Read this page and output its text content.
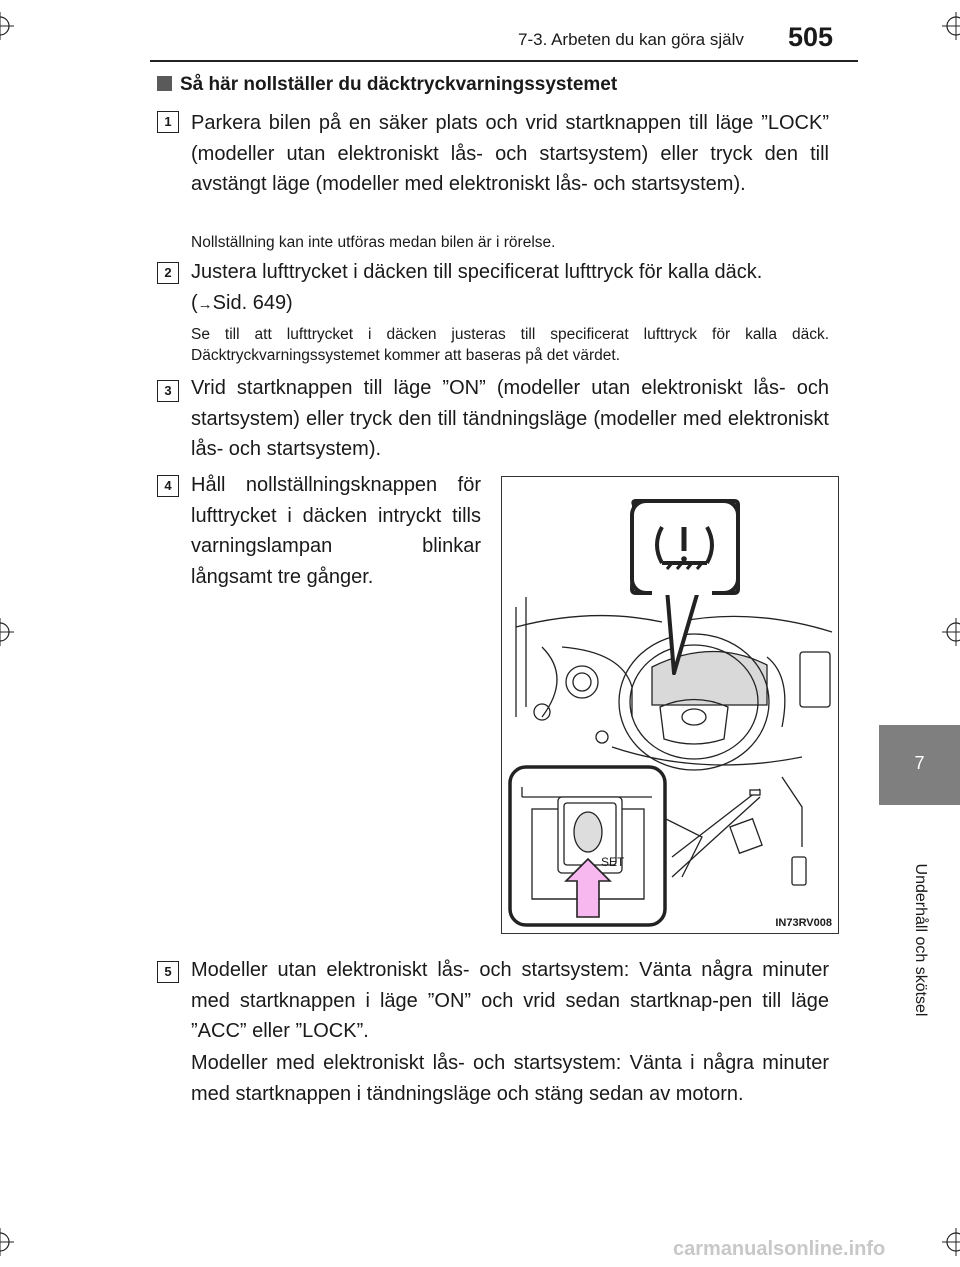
7-3. Arbeten du kan göra själv 505
7
Underhåll och skötsel
Så här nollställer du däcktryckvarningssystemet
1 Parkera bilen på en säker plats och vrid startknappen till läge ”LOCK” (modeller utan elektroniskt lås- och startsystem) eller tryck den till avstängt läge (modeller med elektroniskt lås- och startsystem).

Nollställning kan inte utföras medan bilen är i rörelse.

2 Justera lufttrycket i däcken till specificerat lufttryck för kalla däck.
(→Sid. 649)

Se till att lufttrycket i däcken justeras till specificerat lufttryck för kalla däck. Däcktryckvarningssystemet kommer att baseras på det värdet.

3 Vrid startknappen till läge ”ON” (modeller utan elektroniskt lås- och startsystem) eller tryck den till tändningsläge (modeller med elektroniskt lås- och startsystem).

4 Håll nollställningsknappen för lufttrycket i däcken intryckt tills varningslampan blinkar långsamt tre gånger.

SET
IN73RV008
5 Modeller utan elektroniskt lås- och startsystem: Vänta några minuter med startknappen i läge ”ON” och vrid sedan startknap-pen till läge ”ACC” eller ”LOCK”.

Modeller med elektroniskt lås- och startsystem: Vänta i några minuter med startknappen i tändningsläge och stäng sedan av motorn.

carmanualsonline.info
